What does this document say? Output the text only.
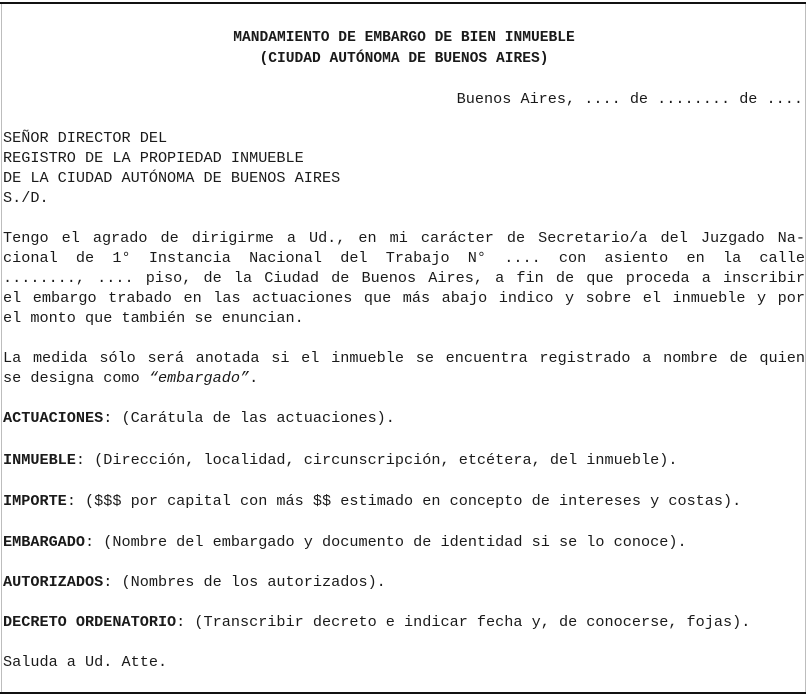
MANDAMIENTO DE EMBARGO DE BIEN INMUEBLE
(CIUDAD AUTÓNOMA DE BUENOS AIRES)
Buenos Aires, .... de ........ de ....
SEÑOR DIRECTOR DEL
REGISTRO DE LA PROPIEDAD INMUEBLE
DE LA CIUDAD AUTÓNOMA DE BUENOS AIRES
S./D.
Tengo el agrado de dirigirme a Ud., en mi carácter de Secretario/a del Juzgado Na-
cional de 1° Instancia Nacional del Trabajo N° .... con asiento en la calle
........, .... piso, de la Ciudad de Buenos Aires, a fin de que proceda a inscribir
el embargo trabado en las actuaciones que más abajo indico y sobre el inmueble y por
el monto que también se enuncian.
La medida sólo será anotada si el inmueble se encuentra registrado a nombre de quien
se designa como “embargado”.
ACTUACIONES: (Carátula de las actuaciones).
INMUEBLE: (Dirección, localidad, circunscripción, etcétera, del inmueble).
IMPORTE: ($$$ por capital con más $$ estimado en concepto de intereses y costas).
EMBARGADO: (Nombre del embargado y documento de identidad si se lo conoce).
AUTORIZADOS: (Nombres de los autorizados).
DECRETO ORDENATORIO: (Transcribir decreto e indicar fecha y, de conocerse, fojas).
Saluda a Ud. Atte.
